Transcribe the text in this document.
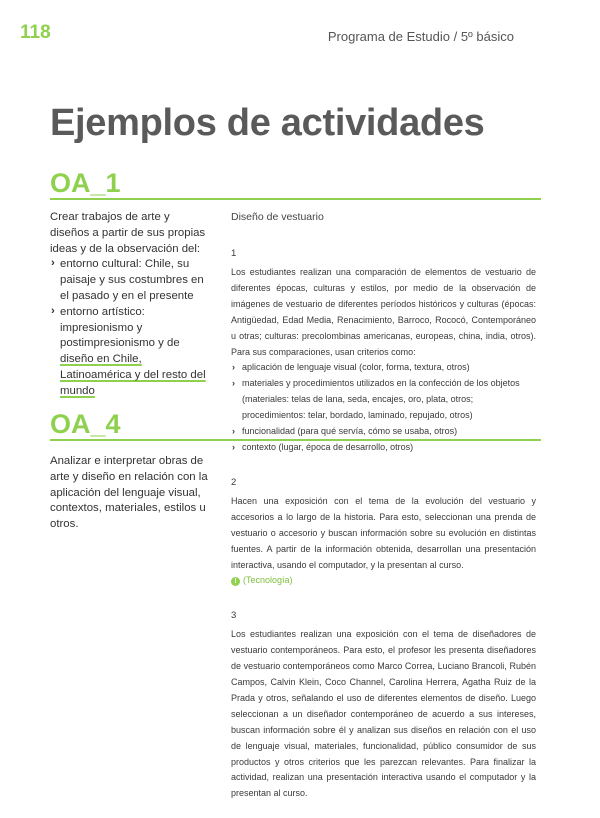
118	Programa de Estudio / 5º básico
Ejemplos de actividades
OA_1

Crear trabajos de arte y diseños a partir de sus propias ideas y de la observación del:

› entorno cultural: Chile, su paisaje y sus costumbres en el pasado y en el presente
› entorno artístico: impresionismo y postimpresionismo y de diseño en Chile, Latinoamérica y del resto del mundo
OA_4

Analizar e interpretar obras de arte y diseño en relación con la aplicación del lenguaje visual, contextos, materiales, estilos u otros.

Diseño de vestuario

1

Los estudiantes realizan una comparación de elementos de vestuario de diferentes épocas, culturas y estilos, por medio de la observación de imágenes de vestuario de diferentes períodos históricos y culturas (épocas: Antigüedad, Edad Media, Renacimiento, Barroco, Rococó, Contemporáneo u otras; culturas: precolombinas americanas, europeas, china, india, otros). Para sus comparaciones, usan criterios como:

› aplicación de lenguaje visual (color, forma, textura, otros)
› materiales y procedimientos utilizados en la confección de los objetos (materiales: telas de lana, seda, encajes, oro, plata, otros; procedimientos: telar, bordado, laminado, repujado, otros)
› funcionalidad (para qué servía, cómo se usaba, otros)
› contexto (lugar, época de desarrollo, otros)

2

Hacen una exposición con el tema de la evolución del vestuario y accesorios a lo largo de la historia. Para esto, seleccionan una prenda de vestuario o accesorio y buscan información sobre su evolución en distintas fuentes. A partir de la información obtenida, desarrollan una presentación interactiva, usando el computador, y la presentan al curso.

! (Tecnología)

3

Los estudiantes realizan una exposición con el tema de diseñadores de vestuario contemporáneos. Para esto, el profesor les presenta diseñadores de vestuario contemporáneos como Marco Correa, Luciano Brancoli, Rubén Campos, Calvin Klein, Coco Channel, Carolina Herrera, Agatha Ruiz de la Prada y otros, señalando el uso de diferentes elementos de diseño. Luego seleccionan a un diseñador contemporáneo de acuerdo a sus intereses, buscan información sobre él y analizan sus diseños en relación con el uso de lenguaje visual, materiales, funcionalidad, público consumidor de sus productos y otros criterios que les parezcan relevantes. Para finalizar la actividad, realizan una presentación interactiva usando el computador y la presentan al curso.
